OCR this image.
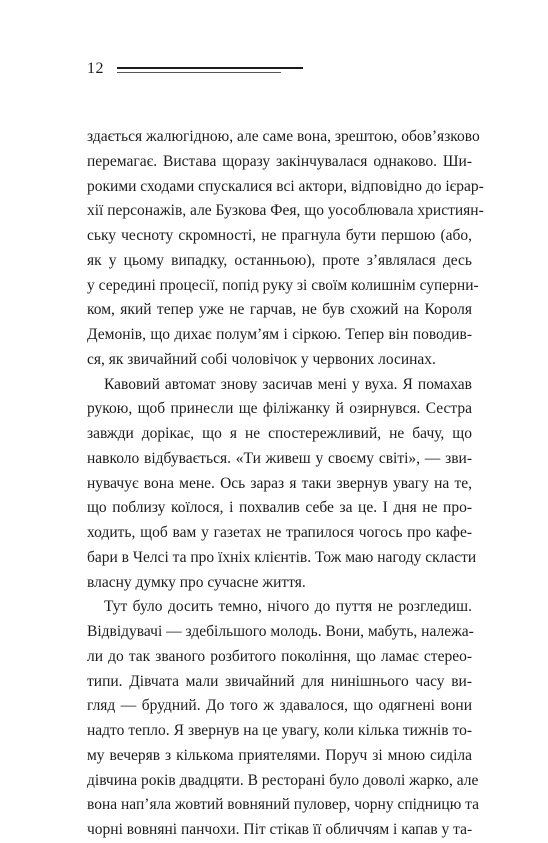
12
здається жалюгідною, але саме вона, зрештою, обов’язково
перемагає. Вистава щоразу закінчувалася однаково. Ши-
рокими сходами спускалися всі актори, відповідно до ієрар-
хії персонажів, але Бузкова Фея, що уособлювала християн-
ську чесноту скромності, не прагнула бути першою (або,
як у цьому випадку, останньою), проте з’являлася десь
у середині процесії, попід руку зі своїм колишнім суперни-
ком, який тепер уже не гарчав, не був схожий на Короля
Демонів, що дихає полум’ям і сіркою. Тепер він поводив-
ся, як звичайний собі чоловічок у червоних лосинах.
Кавовий автомат знову засичав мені у вуха. Я помахав
рукою, щоб принесли ще філіжанку й озирнувся. Сестра
завжди дорікає, що я не спостережливий, не бачу, що
навколо відбувається. «Ти живеш у своєму світі», — зви-
нувачує вона мене. Ось зараз я таки звернув увагу на те,
що поблизу коїлося, і похвалив себе за це. І дня не про-
ходить, щоб вам у газетах не трапилося чогось про кафе-
бари в Челсі та про їхніх клієнтів. Тож маю нагоду скласти
власну думку про сучасне життя.
Тут було досить темно, нічого до пуття не розгледиш.
Відвідувачі — здебільшого молодь. Вони, мабуть, належа-
ли до так званого розбитого покоління, що ламає стерео-
типи. Дівчата мали звичайний для нинішнього часу ви-
гляд — брудний. До того ж здавалося, що одягнені вони
надто тепло. Я звернув на це увагу, коли кілька тижнів то-
му вечеряв з кількома приятелями. Поруч зі мною сиділа
дівчина років двадцяти. В ресторані було доволі жарко, але
вона нап’яла жовтий вовняний пуловер, чорну спідницю та
чорні вовняні панчохи. Піт стікав її обличчям і капав у та-
